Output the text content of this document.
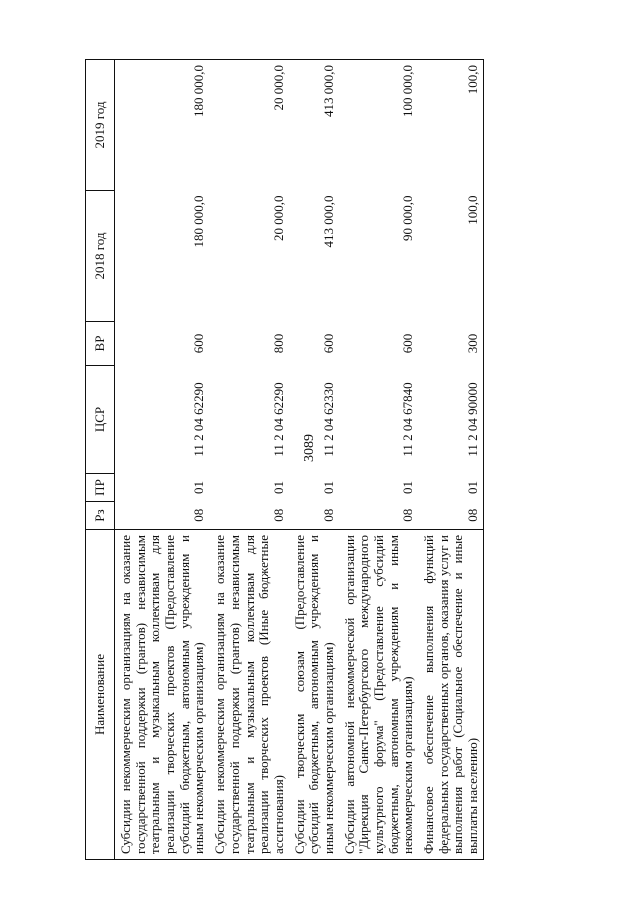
3089
Наименование	Рз	ПР	ЦСР	ВР	2018 год	2019 год
Субсидии некоммерческим организациям на оказание государственной поддержки (грантов) независимым театральным и музыкальным коллективам для реализации творческих проектов (Предоставление субсидий бюджетным, автономным учреждениям и иным некоммерческим организациям)	08	01	11 2 04 62290	600	180 000,0	180 000,0
Субсидии некоммерческим организациям на оказание государственной поддержки (грантов) независимым театральным и музыкальным коллективам для реализации творческих проектов (Иные бюджетные ассигнования)	08	01	11 2 04 62290	800	20 000,0	20 000,0
Субсидии творческим союзам (Предоставление субсидий бюджетным, автономным учреждениям и иным некоммерческим организациям)	08	01	11 2 04 62330	600	413 000,0	413 000,0
Субсидии автономной некоммерческой организации "Дирекция Санкт-Петербургского международного культурного форума" (Предоставление субсидий бюджетным, автономным учреждениям и иным некоммерческим организациям)	08	01	11 2 04 67840	600	90 000,0	100 000,0
Финансовое обеспечение выполнения функций федеральных государственных органов, оказания услуг и выполнения работ (Социальное обеспечение и иные выплаты населению)	08	01	11 2 04 90000	300	100,0	100,0
